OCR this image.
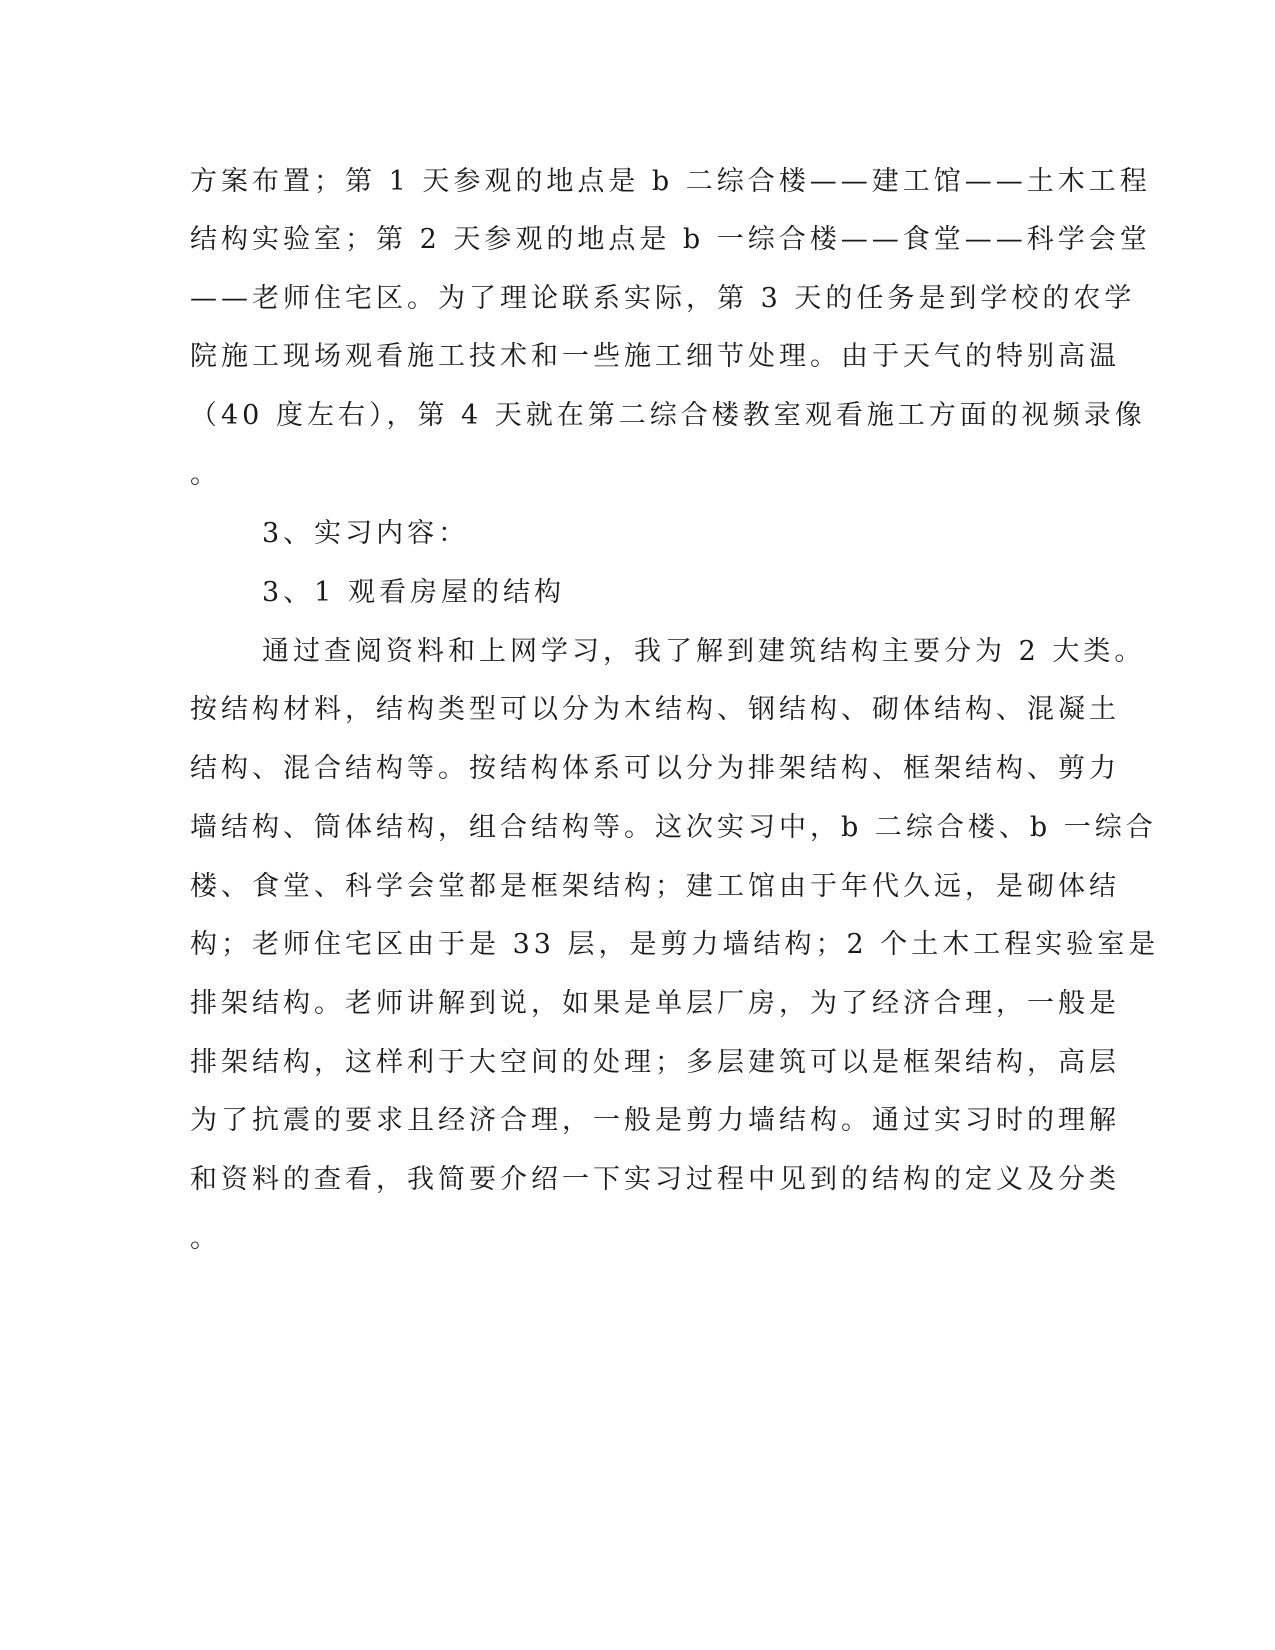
方案布置；第 1 天参观的地点是 b 二综合楼——建工馆——土木工程
结构实验室；第 2 天参观的地点是 b 一综合楼——食堂——科学会堂
——老师住宅区。为了理论联系实际，第 3 天的任务是到学校的农学
院施工现场观看施工技术和一些施工细节处理。由于天气的特别高温
（40 度左右），第 4 天就在第二综合楼教室观看施工方面的视频录像
。
3、实习内容：
3、1 观看房屋的结构
通过查阅资料和上网学习，我了解到建筑结构主要分为 2 大类。
按结构材料，结构类型可以分为木结构、钢结构、砌体结构、混凝土
结构、混合结构等。按结构体系可以分为排架结构、框架结构、剪力
墙结构、筒体结构，组合结构等。这次实习中，b 二综合楼、b 一综合
楼、食堂、科学会堂都是框架结构；建工馆由于年代久远，是砌体结
构；老师住宅区由于是 33 层，是剪力墙结构；2 个土木工程实验室是
排架结构。老师讲解到说，如果是单层厂房，为了经济合理，一般是
排架结构，这样利于大空间的处理；多层建筑可以是框架结构，高层
为了抗震的要求且经济合理，一般是剪力墙结构。通过实习时的理解
和资料的查看，我简要介绍一下实习过程中见到的结构的定义及分类
。
